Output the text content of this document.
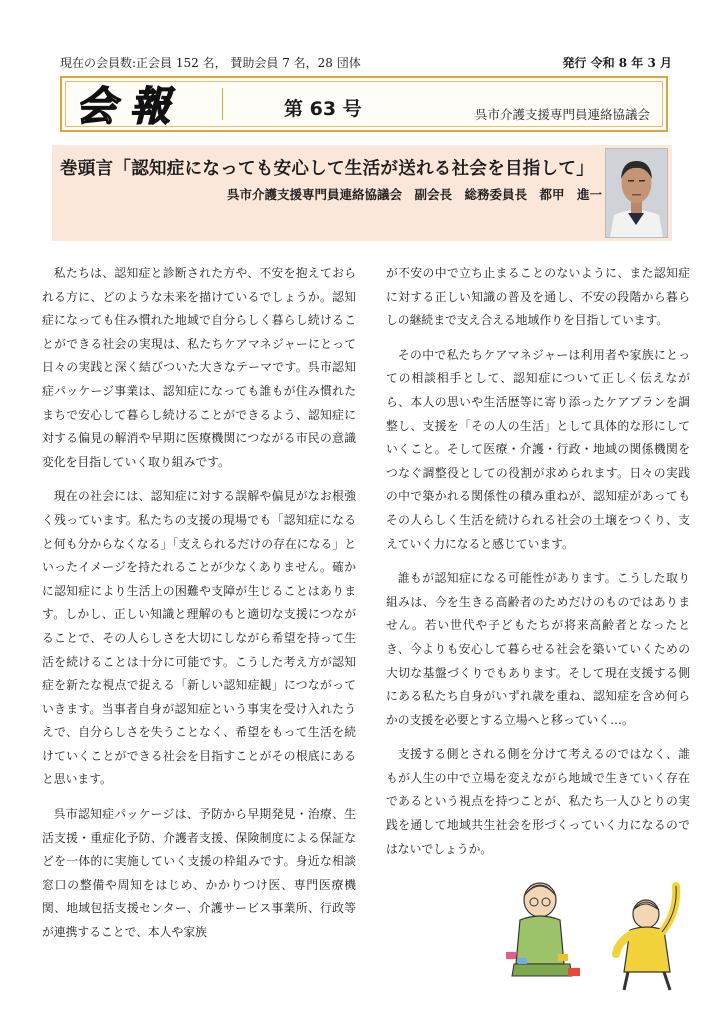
現在の会員数:正会員 152 名， 賛助会員 7 名，28 団体	発行 令和 8 年 3 月
会報	第 63 号	呉市介護支援専門員連絡協議会
巻頭言「認知症になっても安心して生活が送れる社会を目指して」
呉市介護支援専門員連絡協議会　副会長　総務委員長　都甲　進一

私たちは、認知症と診断された方や、不安を抱えておられる方に、どのような未来を描けているでしょうか。認知症になっても住み慣れた地域で自分らしく暮らし続けることができる社会の実現は、私たちケアマネジャーにとって日々の実践と深く結びついた大きなテーマです。呉市認知症パッケージ事業は、認知症になっても誰もが住み慣れたまちで安心して暮らし続けることができるよう、認知症に対する偏見の解消や早期に医療機関につながる市民の意識変化を目指していく取り組みです。

現在の社会には、認知症に対する誤解や偏見がなお根強く残っています。私たちの支援の現場でも「認知症になると何も分からなくなる」「支えられるだけの存在になる」といったイメージを持たれることが少なくありません。確かに認知症により生活上の困難や支障が生じることはあります。しかし、正しい知識と理解のもと適切な支援につながることで、その人らしさを大切にしながら希望を持って生活を続けることは十分に可能です。こうした考え方が認知症を新たな視点で捉える「新しい認知症観」につながっていきます。当事者自身が認知症という事実を受け入れたうえで、自分らしさを失うことなく、希望をもって生活を続けていくことができる社会を目指すことがその根底にあると思います。

呉市認知症パッケージは、予防から早期発見・治療、生活支援・重症化予防、介護者支援、保険制度による保証などを一体的に実施していく支援の枠組みです。身近な相談窓口の整備や周知をはじめ、かかりつけ医、専門医療機関、地域包括支援センター、介護サービス事業所、行政等が連携することで、本人や家族

が不安の中で立ち止まることのないように、また認知症に対する正しい知識の普及を通し、不安の段階から暮らしの継続まで支え合える地域作りを目指しています。

その中で私たちケアマネジャーは利用者や家族にとっての相談相手として、認知症について正しく伝えながら、本人の思いや生活歴等に寄り添ったケアプランを調整し、支援を「その人の生活」として具体的な形にしていくこと。そして医療・介護・行政・地域の関係機関をつなぐ調整役としての役割が求められます。日々の実践の中で築かれる関係性の積み重ねが、認知症があってもその人らしく生活を続けられる社会の土壌をつくり、支えていく力になると感じています。

誰もが認知症になる可能性があります。こうした取り組みは、今を生きる高齢者のためだけのものではありません。若い世代や子どもたちが将来高齢者となったとき、今よりも安心して暮らせる社会を築いていくための大切な基盤づくりでもあります。そして現在支援する側にある私たち自身がいずれ歳を重ね、認知症を含め何らかの支援を必要とする立場へと移っていく…。

支援する側とされる側を分けて考えるのではなく、誰もが人生の中で立場を変えながら地域で生きていく存在であるという視点を持つことが、私たち一人ひとりの実践を通して地域共生社会を形づくっていく力になるのではないでしょうか。
